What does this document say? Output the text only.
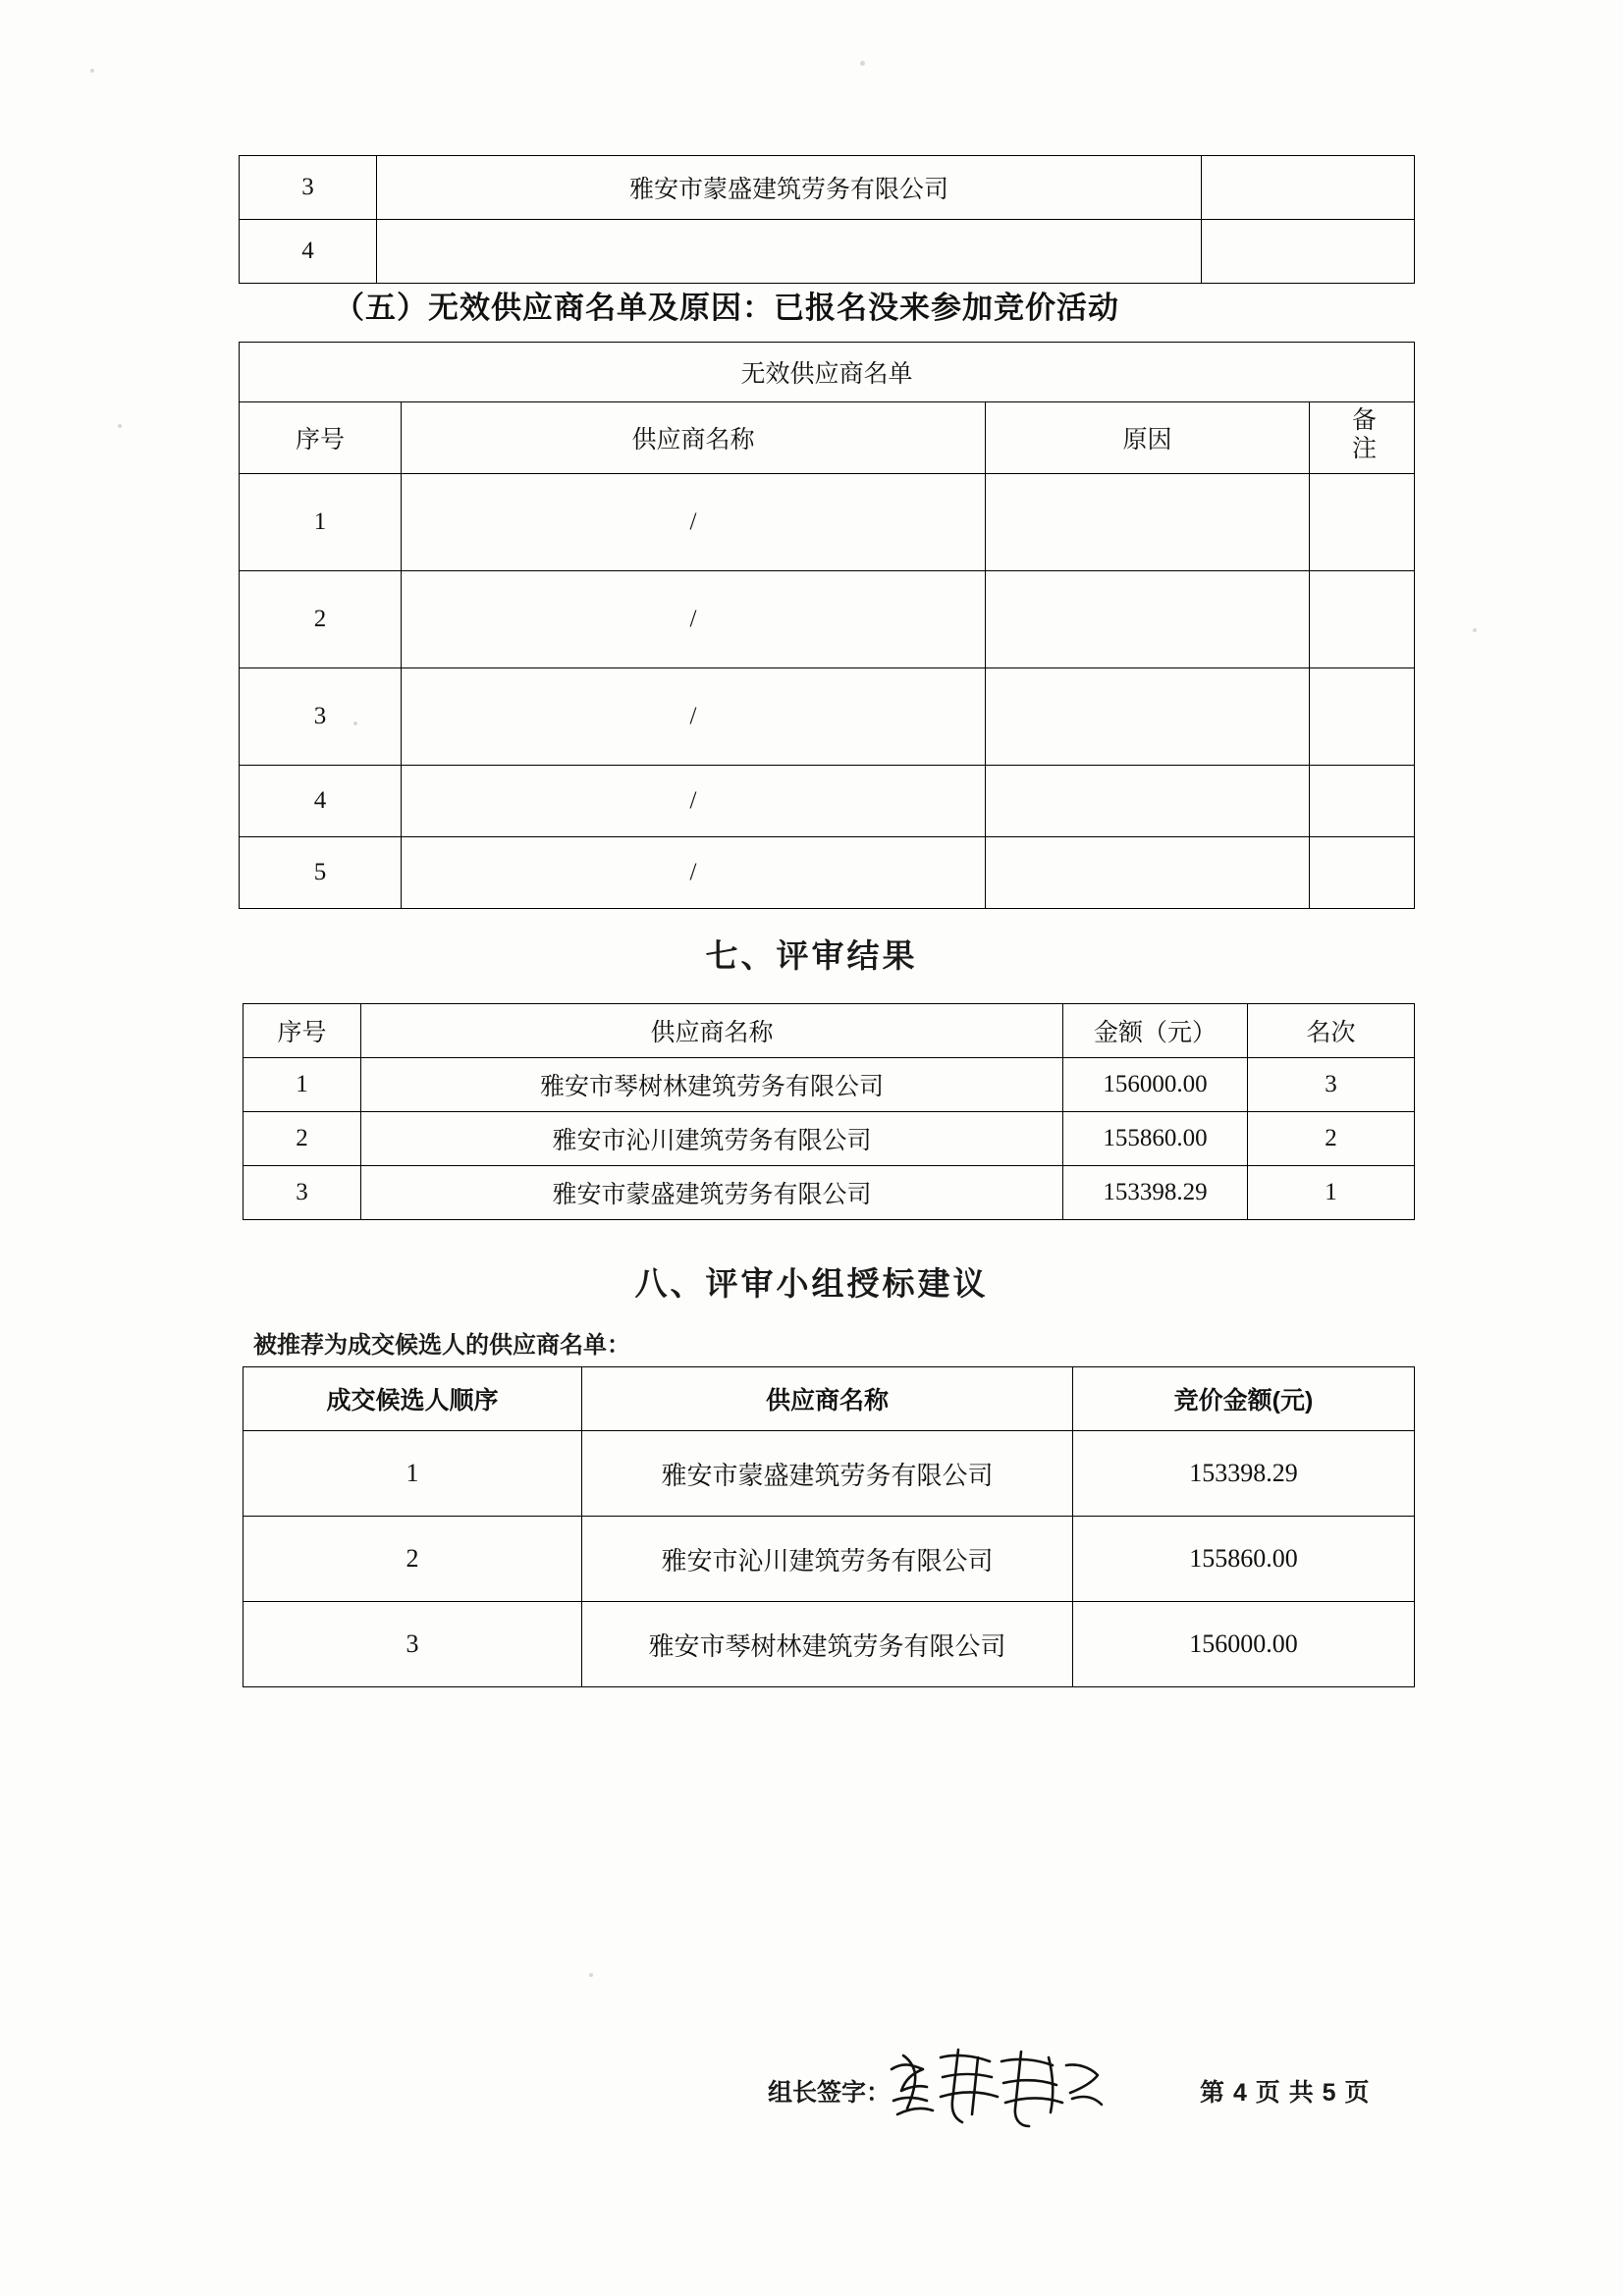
3	雅安市蒙盛建筑劳务有限公司	
4		
（五）无效供应商名单及原因：已报名没来参加竞价活动
无效供应商名单			
序号	供应商名称	原因	备注
1	/		
2	/		
3	/		
4	/		
5	/		
七、评审结果
序号	供应商名称	金额（元）	名次
1	雅安市琴树林建筑劳务有限公司	156000.00	3
2	雅安市沁川建筑劳务有限公司	155860.00	2
3	雅安市蒙盛建筑劳务有限公司	153398.29	1
八、评审小组授标建议
被推荐为成交候选人的供应商名单：
成交候选人顺序	供应商名称	竞价金额(元)
1	雅安市蒙盛建筑劳务有限公司	153398.29
2	雅安市沁川建筑劳务有限公司	155860.00
3	雅安市琴树林建筑劳务有限公司	156000.00
组长签字：	第 4 页 共 5 页
